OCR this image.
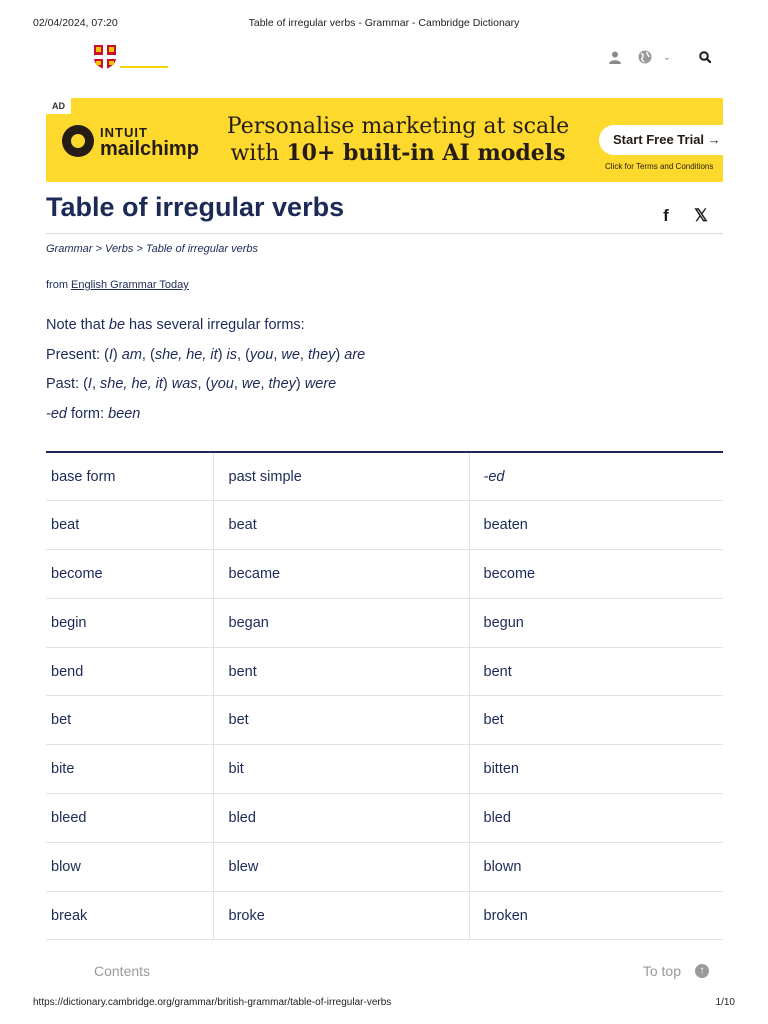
02/04/2024, 07:20	Table of irregular verbs - Grammar - Cambridge Dictionary
⌄
AD
INTUIT
mailchimp
Personalise marketing at scale
with 10+ built-in AI models
Start Free Trial →
Click for Terms and Conditions
Table of irregular verbs	f	𝕏
Grammar > Verbs > Table of irregular verbs
from English Grammar Today

Note that be has several irregular forms:

Present: (I) am, (she, he, it) is, (you, we, they) are

Past: (I, she, he, it) was, (you, we, they) were

-ed form: been

base form	past simple	-ed
beat	beat	beaten
become	became	become
begin	began	begun
bend	bent	bent
bet	bet	bet
bite	bit	bitten
bleed	bled	bled
blow	blew	blown
break	broke	broken
Contents	To top	↑
https://dictionary.cambridge.org/grammar/british-grammar/table-of-irregular-verbs	1/10
